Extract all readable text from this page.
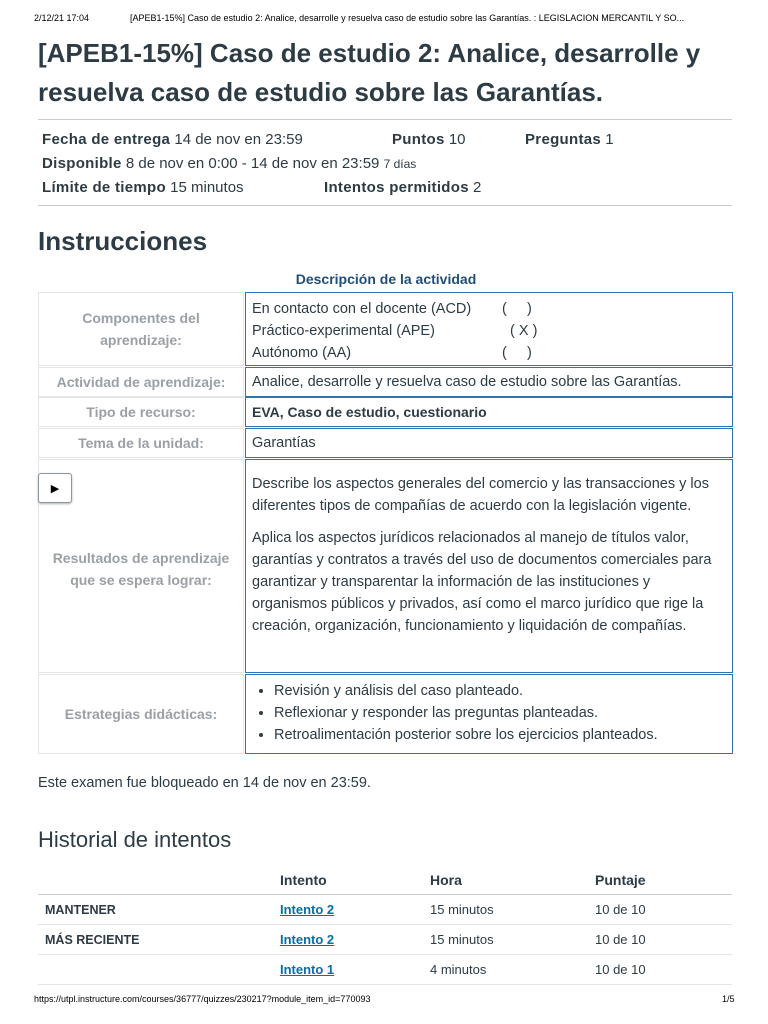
2/12/21 17:04	[APEB1-15%] Caso de estudio 2: Analice, desarrolle y resuelva caso de estudio sobre las Garantías. : LEGISLACION MERCANTIL Y SO...
[APEB1-15%] Caso de estudio 2: Analice, desarrolle y resuelva caso de estudio sobre las Garantías.
Fecha de entrega 14 de nov en 23:59	Puntos 10	Preguntas 1
Disponible 8 de nov en 0:00 - 14 de nov en 23:59 7 días
Límite de tiempo 15 minutos	Intentos permitidos 2
Instrucciones
Descripción de la actividad
Componentes del aprendizaje:
En contacto con el docente (ACD)	(     )
Práctico-experimental (APE)	( X )
Autónomo (AA)	(     )
Actividad de aprendizaje:	Analice, desarrolle y resuelva caso de estudio sobre las Garantías.
Tipo de recurso:	EVA, Caso de estudio, cuestionario
Tema de la unidad:	Garantías
Resultados de aprendizaje que se espera lograr:
▶	Describe los aspectos generales del comercio y las transacciones y los diferentes tipos de compañías de acuerdo con la legislación vigente.

Aplica los aspectos jurídicos relacionados al manejo de títulos valor, garantías y contratos a través del uso de documentos comerciales para garantizar y transparentar la información de las instituciones y organismos públicos y privados, así como el marco jurídico que rige la creación, organización, funcionamiento y liquidación de compañías.

Estrategias didácticas:
• Revisión y análisis del caso planteado.
• Reflexionar y responder las preguntas planteadas.
• Retroalimentación posterior sobre los ejercicios planteados.
Este examen fue bloqueado en 14 de nov en 23:59.
Historial de intentos
	Intento	Hora	Puntaje
MANTENER	Intento 2	15 minutos	10 de 10
MÁS RECIENTE	Intento 2	15 minutos	10 de 10
	Intento 1	4 minutos	10 de 10
https://utpl.instructure.com/courses/36777/quizzes/230217?module_item_id=770093	1/5
